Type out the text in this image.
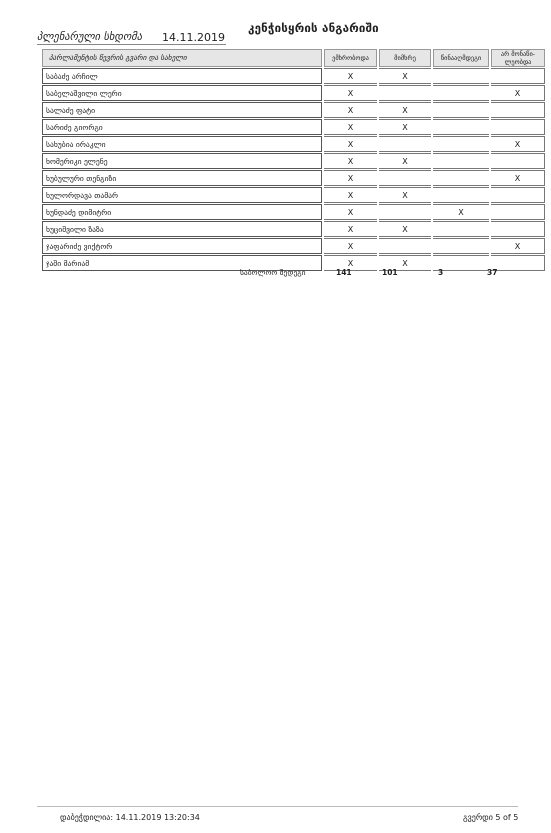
კენჭისყრის ანგარიში
პლენარული სხდომა 14.11.2019
პარლამენტის წევრის გვარი და სახელი	ემხრობოდა	მიმხრე	წინააღმდეგი	არ მონაწი-ლეობდა
საბაძე არჩილ	X	X		
საბელაშვილი ლერი	X			X
სალაძე ფატი	X	X		
სარიძე გიორგი	X	X		
სახუბია ირაკლი	X			X
ხომერიკი ელენე	X	X		
ხუბულური თენგიზი	X			X
ხულორდავა თამარ	X	X		
ხუნდაძე დიმიტრი	X		X	
ხუციშვილი ზაზა	X	X		
ჯაფარიძე ვიქტორ	X			X
ჯაში მარიამ	X	X		
საბოლოო შედეგი	141	101	3	37
დაბეჭდილია: 14.11.2019 13:20:34	გვერდი 5 of 5
